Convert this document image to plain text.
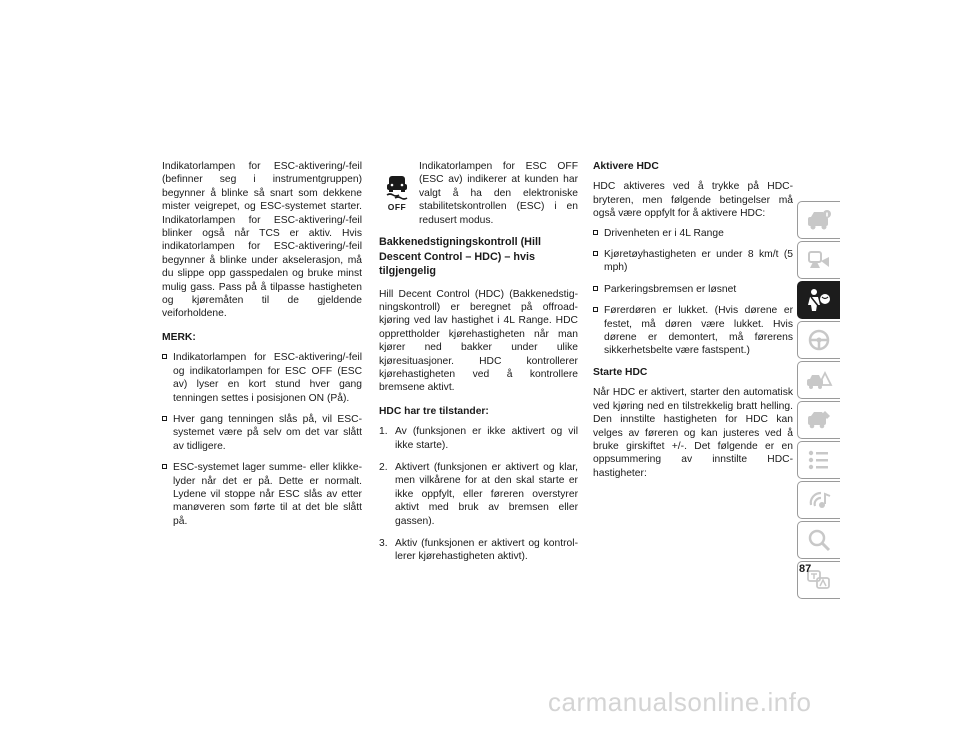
Indikatorlampen for ESC-aktivering/-feil (befinner seg i instrumentgruppen) begynner å blinke så snart som dekkene mister veigrepet, og ESC-systemet starter. Indikatorlampen for ESC-aktivering/-feil blinker også når TCS er aktiv. Hvis indikatorlampen for ESC-aktivering/-feil begynner å blinke under akselerasjon, må du slippe opp gasspedalen og bruke minst mulig gass. Pass på å tilpasse hastigheten og kjøremåten til de gjeldende veiforholdene.

MERK:
Indikatorlampen for ESC-aktivering/-feil og indikatorlampen for ESC OFF (ESC av) lyser en kort stund hver gang tenningen settes i posisjonen ON (På).
Hver gang tenningen slås på, vil ESC-systemet være på selv om det var slått av tidligere.
ESC-systemet lager summe- eller klikkelyder når det er på. Dette er normalt. Lydene vil stoppe når ESC slås av etter manøveren som førte til at det ble slått på.
OFF
Indikatorlampen for ESC OFF (ESC av) indikerer at kunden har valgt å ha den elektroniske stabilitetskontrollen (ESC) i en redusert modus.
Bakkenedstigningskontroll (Hill Descent Control – HDC) – hvis tilgjengelig

Hill Decent Control (HDC) (Bakkenedstigningskontroll) er beregnet på offroad-kjøring ved lav hastighet i 4L Range. HDC opprettholder kjørehastigheten når man kjører ned bakker under ulike kjøresituasjoner. HDC kontrollerer kjørehastigheten ved å kontrollere bremsene aktivt.

HDC har tre tilstander:
1. Av (funksjonen er ikke aktivert og vil ikke starte).
2. Aktivert (funksjonen er aktivert og klar, men vilkårene for at den skal starte er ikke oppfylt, eller føreren overstyrer aktivt med bruk av bremsen eller gassen).
3. Aktiv (funksjonen er aktivert og kontrollerer kjørehastigheten aktivt).
Aktivere HDC

HDC aktiveres ved å trykke på HDC-bryteren, men følgende betingelser må også være oppfylt for å aktivere HDC:

Drivenheten er i 4L Range
Kjøretøyhastigheten er under 8 km/t (5 mph)
Parkeringsbremsen er løsnet
Førerdøren er lukket. (Hvis dørene er festet, må døren være lukket. Hvis dørene er demontert, må førerens sikkerhetsbelte være fastspent.)
Starte HDC

Når HDC er aktivert, starter den automatisk ved kjøring ned en tilstrekkelig bratt helling. Den innstilte hastigheten for HDC kan velges av føreren og kan justeres ved å bruke girskiftet +/-. Det følgende er en oppsummering av innstilte HDC-hastigheter:

87
carmanualsonline.info
